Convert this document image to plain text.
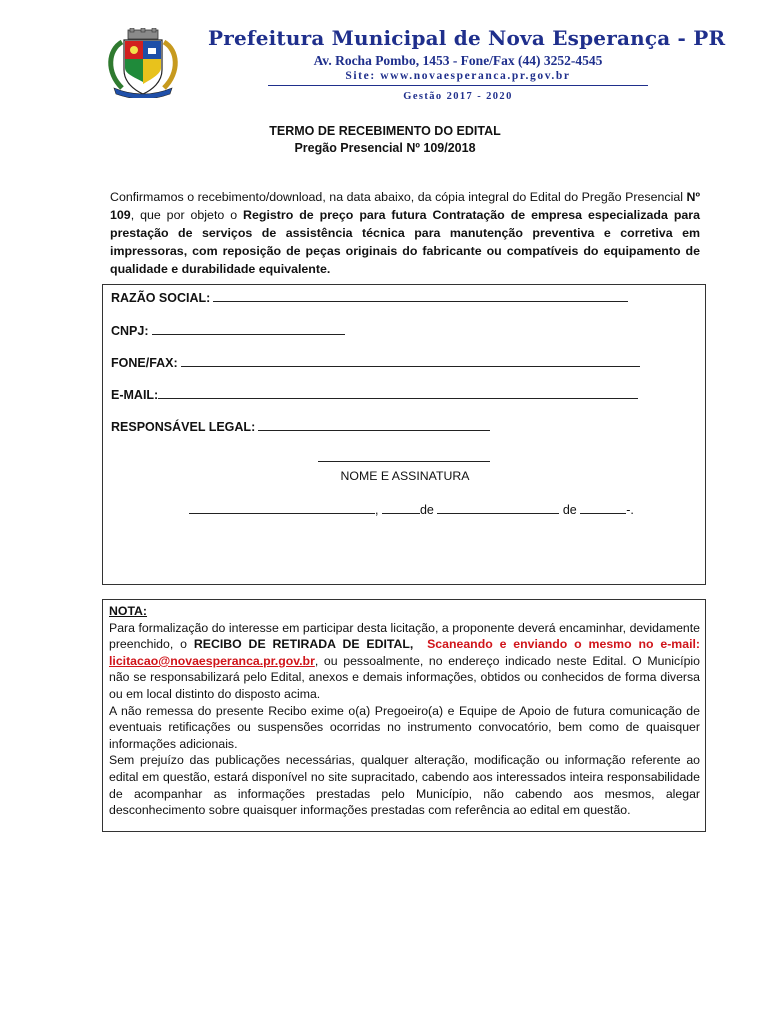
Prefeitura Municipal de Nova Esperança - PR
Av. Rocha Pombo, 1453 - Fone/Fax (44) 3252-4545
Site: www.novaesperanca.pr.gov.br
Gestão 2017 - 2020
TERMO DE RECEBIMENTO DO EDITAL
Pregão Presencial Nº 109/2018

Confirmamos o recebimento/download, na data abaixo, da cópia integral do Edital do Pregão Presencial Nº 109, que por objeto o Registro de preço para futura Contratação de empresa especializada para prestação de serviços de assistência técnica para manutenção preventiva e corretiva em impressoras, com reposição de peças originais do fabricante ou compatíveis do equipamento de qualidade e durabilidade equivalente.

RAZÃO SOCIAL:
CNPJ:
FONE/FAX:
E-MAIL:
RESPONSÁVEL LEGAL:
NOME E ASSINATURA
,	de	de	-.
NOTA:
Para formalização do interesse em participar desta licitação, a proponente deverá encaminhar, devidamente preenchido, o RECIBO DE RETIRADA DE EDITAL, Scaneando e enviando o mesmo no e-mail: licitacao@novaesperanca.pr.gov.br, ou pessoalmente, no endereço indicado neste Edital. O Município não se responsabilizará pelo Edital, anexos e demais informações, obtidos ou conhecidos de forma diversa ou em local distinto do disposto acima.
A não remessa do presente Recibo exime o(a) Pregoeiro(a) e Equipe de Apoio de futura comunicação de eventuais retificações ou suspensões ocorridas no instrumento convocatório, bem como de quaisquer informações adicionais.
Sem prejuízo das publicações necessárias, qualquer alteração, modificação ou informação referente ao edital em questão, estará disponível no site supracitado, cabendo aos interessados inteira responsabilidade de acompanhar as informações prestadas pelo Município, não cabendo aos mesmos, alegar desconhecimento sobre quaisquer informações prestadas com referência ao edital em questão.
